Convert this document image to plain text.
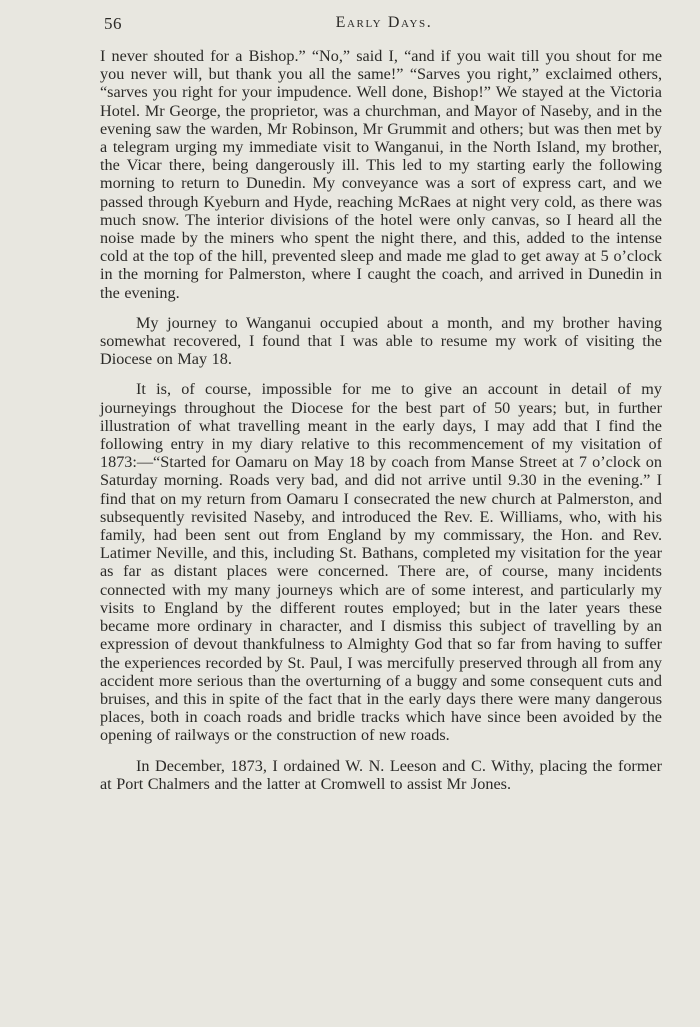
56	Early Days.

I never shouted for a Bishop.” “No,” said I, “and if you wait till you shout for me you never will, but thank you all the same!” “Sarves you right,” exclaimed others, “sarves you right for your impudence. Well done, Bishop!” We stayed at the Victoria Hotel. Mr George, the proprietor, was a churchman, and Mayor of Naseby, and in the evening saw the warden, Mr Robinson, Mr Grummit and others; but was then met by a telegram urging my immediate visit to Wanganui, in the North Island, my brother, the Vicar there, being dangerously ill. This led to my starting early the following morning to return to Dunedin. My conveyance was a sort of express cart, and we passed through Kyeburn and Hyde, reaching McRaes at night very cold, as there was much snow. The interior divisions of the hotel were only canvas, so I heard all the noise made by the miners who spent the night there, and this, added to the intense cold at the top of the hill, prevented sleep and made me glad to get away at 5 o’clock in the morning for Palmerston, where I caught the coach, and arrived in Dunedin in the evening.

My journey to Wanganui occupied about a month, and my brother having somewhat recovered, I found that I was able to resume my work of visiting the Diocese on May 18.

It is, of course, impossible for me to give an account in detail of my journeyings throughout the Diocese for the best part of 50 years; but, in further illustration of what travelling meant in the early days, I may add that I find the following entry in my diary relative to this recommencement of my visitation of 1873:—“Started for Oamaru on May 18 by coach from Manse Street at 7 o’clock on Saturday morning. Roads very bad, and did not arrive until 9.30 in the evening.” I find that on my return from Oamaru I consecrated the new church at Palmerston, and subsequently revisited Naseby, and introduced the Rev. E. Williams, who, with his family, had been sent out from England by my commissary, the Hon. and Rev. Latimer Neville, and this, including St. Bathans, completed my visitation for the year as far as distant places were concerned. There are, of course, many incidents connected with my many journeys which are of some interest, and particularly my visits to England by the different routes employed; but in the later years these became more ordinary in character, and I dismiss this subject of travelling by an expression of devout thankfulness to Almighty God that so far from having to suffer the experiences recorded by St. Paul, I was mercifully preserved through all from any accident more serious than the overturning of a buggy and some consequent cuts and bruises, and this in spite of the fact that in the early days there were many dangerous places, both in coach roads and bridle tracks which have since been avoided by the opening of railways or the construction of new roads.

In December, 1873, I ordained W. N. Leeson and C. Withy, placing the former at Port Chalmers and the latter at Cromwell to assist Mr Jones.
